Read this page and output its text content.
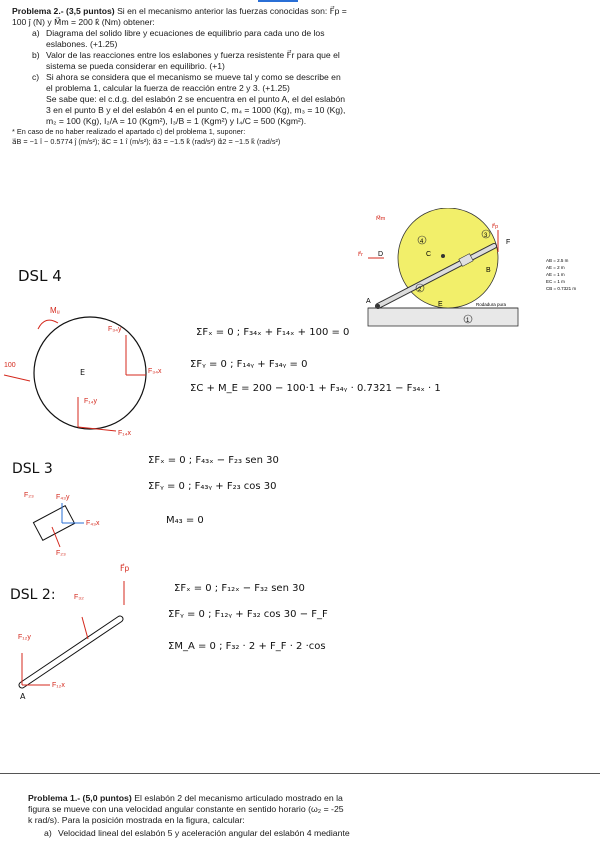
Problema 2.- (3,5 puntos) Si en el mecanismo anterior las fuerzas conocidas son: F⃗p =
100 ĵ (N) y M⃗m = 200 k̂ (Nm) obtener:
a) Diagrama del solido libre y ecuaciones de equilibrio para cada uno de los
eslabones. (+1.25)
b) Valor de las reacciones entre los eslabones y fuerza resistente F⃗r para que el
sistema se pueda considerar en equilibrio. (+1)
c) Si ahora se considera que el mecanismo se mueve tal y como se describe en
el problema 1, calcular la fuerza de reacción entre 2 y 3. (+1.25)
Se sabe que: el c.d.g. del eslabón 2 se encuentra en el punto A, el del eslabón
3 en el punto B y el del eslabón 4 en el punto C, m₄ = 1000 (Kg), m₃ = 10 (Kg),
m₂ = 100 (Kg), I₂/A = 10 (Kgm²), I₃/B = 1 (Kgm²) y I₄/C = 500 (Kgm²).
* En caso de no haber realizado el apartado c) del problema 1, suponer:
a⃗B = −1 î − 0.5774 ĵ (m/s²); a⃗C = 1 î (m/s²); α⃗3 = −1.5 k̂ (rad/s²) α⃗2 = −1.5 k̂ (rad/s²)
4
3
2
1
A
B
C
D
E
F
M⃗m
F⃗r
F⃗p
Rodadura pura
AB = 2.5 m
AE = 2 m
AE = 1 m
EC = 1 m
CB = 0.7321 m
DSL 4
Mᵤ
100
F₃₄y
F₃₄x
E
F₁₄y
F₁₄x
ΣFₓ = 0 ; F₃₄ₓ + F₁₄ₓ + 100 = 0
ΣFᵧ = 0 ; F₁₄ᵧ + F₃₄ᵧ = 0
ΣC + M_E = 200 − 100·1 + F₃₄ᵧ · 0.7321 − F₃₄ₓ · 1
DSL 3
F₂₃	F₄₃y
F₄₃x
F₂₃
ΣFₓ = 0 ; F₄₃ₓ − F₂₃ sen 30
ΣFᵧ = 0 ; F₄₃ᵧ + F₂₃ cos 30
M₄₃ = 0
DSL 2:
F⃗p
F₃₂
F₁₂y
F₁₂x
A
ΣFₓ = 0 ; F₁₂ₓ − F₃₂ sen 30
ΣFᵧ = 0 ; F₁₂ᵧ + F₃₂ cos 30 − F_F
ΣM_A = 0 ; F₃₂ · 2 + F_F · 2 ·cos
Problema 1.- (5,0 puntos) El eslabón 2 del mecanismo articulado mostrado en la
figura se mueve con una velocidad angular constante en sentido horario (ω₂ = -25
k rad/s). Para la posición mostrada en la figura, calcular:
a) Velocidad lineal del eslabón 5 y aceleración angular del eslabón 4 mediante
